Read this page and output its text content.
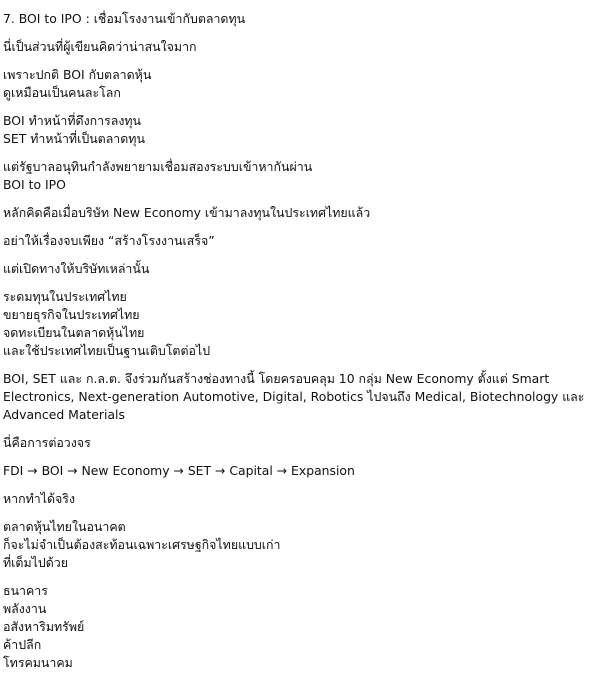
7. BOI to IPO : เชื่อมโรงงานเข้ากับตลาดทุน
นี่เป็นส่วนที่ผู้เขียนคิดว่าน่าสนใจมาก
เพราะปกติ BOI กับตลาดหุ้น
ดูเหมือนเป็นคนละโลก
BOI ทำหน้าที่ดึงการลงทุน
SET ทำหน้าที่เป็นตลาดทุน
แต่รัฐบาลอนุทินกำลังพยายามเชื่อมสองระบบเข้าหากันผ่าน
BOI to IPO
หลักคิดคือเมื่อบริษัท New Economy เข้ามาลงทุนในประเทศไทยแล้ว
อย่าให้เรื่องจบเพียง “สร้างโรงงานเสร็จ”
แต่เปิดทางให้บริษัทเหล่านั้น
ระดมทุนในประเทศไทย
ขยายธุรกิจในประเทศไทย
จดทะเบียนในตลาดหุ้นไทย
และใช้ประเทศไทยเป็นฐานเติบโตต่อไป
BOI, SET และ ก.ล.ต. จึงร่วมกันสร้างช่องทางนี้ โดยครอบคลุม 10 กลุ่ม New Economy ตั้งแต่ Smart Electronics, Next-generation Automotive, Digital, Robotics ไปจนถึง Medical, Biotechnology และ Advanced Materials
นี่คือการต่อวงจร
FDI → BOI → New Economy → SET → Capital → Expansion
หากทำได้จริง
ตลาดหุ้นไทยในอนาคต
ก็จะไม่จำเป็นต้องสะท้อนเฉพาะเศรษฐกิจไทยแบบเก่า
ที่เต็มไปด้วย
ธนาคาร
พลังงาน
อสังหาริมทรัพย์
ค้าปลีก
โทรคมนาคม
